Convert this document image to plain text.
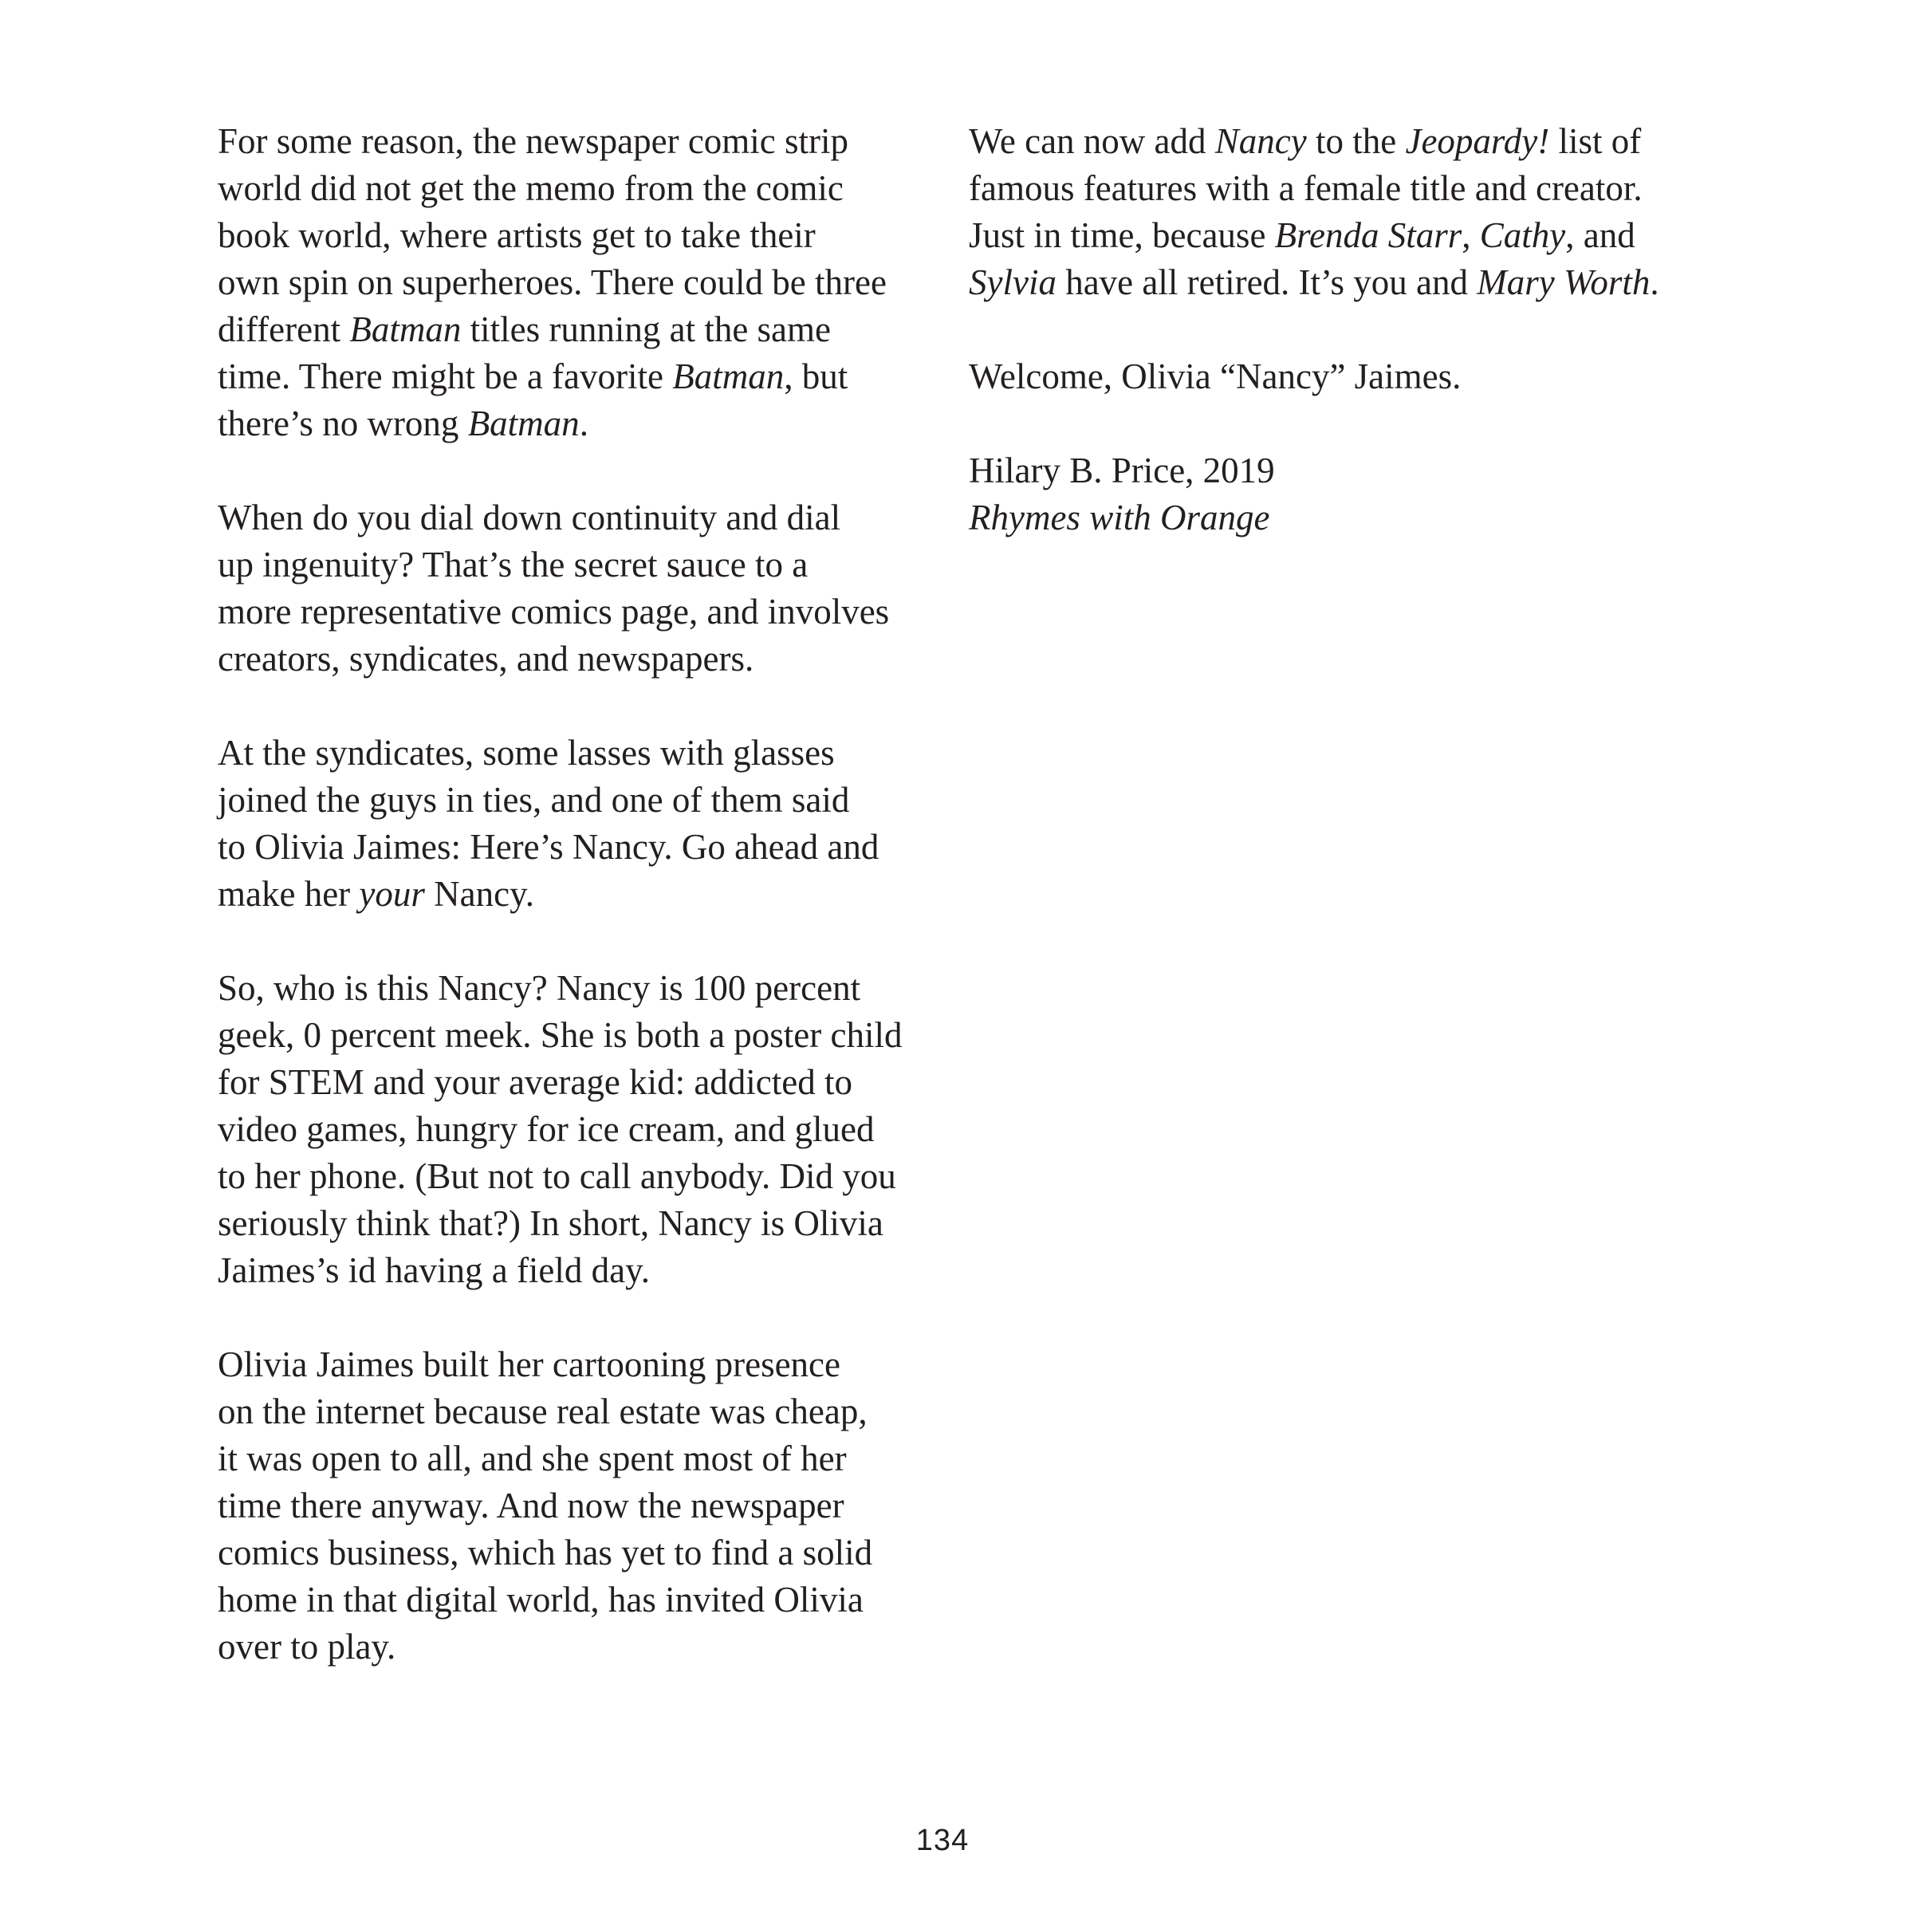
For some reason, the newspaper comic strip
world did not get the memo from the comic
book world, where artists get to take their
own spin on superheroes. There could be three
different Batman titles running at the same
time. There might be a favorite Batman, but
there’s no wrong Batman.

When do you dial down continuity and dial
up ingenuity? That’s the secret sauce to a
more representative comics page, and involves
creators, syndicates, and newspapers.

At the syndicates, some lasses with glasses
joined the guys in ties, and one of them said
to Olivia Jaimes: Here’s Nancy. Go ahead and
make her your Nancy.

So, who is this Nancy? Nancy is 100 percent
geek, 0 percent meek. She is both a poster child
for STEM and your average kid: addicted to
video games, hungry for ice cream, and glued
to her phone. (But not to call anybody. Did you
seriously think that?) In short, Nancy is Olivia
Jaimes’s id having a field day.

Olivia Jaimes built her cartooning presence
on the internet because real estate was cheap,
it was open to all, and she spent most of her
time there anyway. And now the newspaper
comics business, which has yet to find a solid
home in that digital world, has invited Olivia
over to play.

We can now add Nancy to the Jeopardy! list of
famous features with a female title and creator.
Just in time, because Brenda Starr, Cathy, and
Sylvia have all retired. It’s you and Mary Worth.

Welcome, Olivia “Nancy” Jaimes.

Hilary B. Price, 2019
Rhymes with Orange

134
